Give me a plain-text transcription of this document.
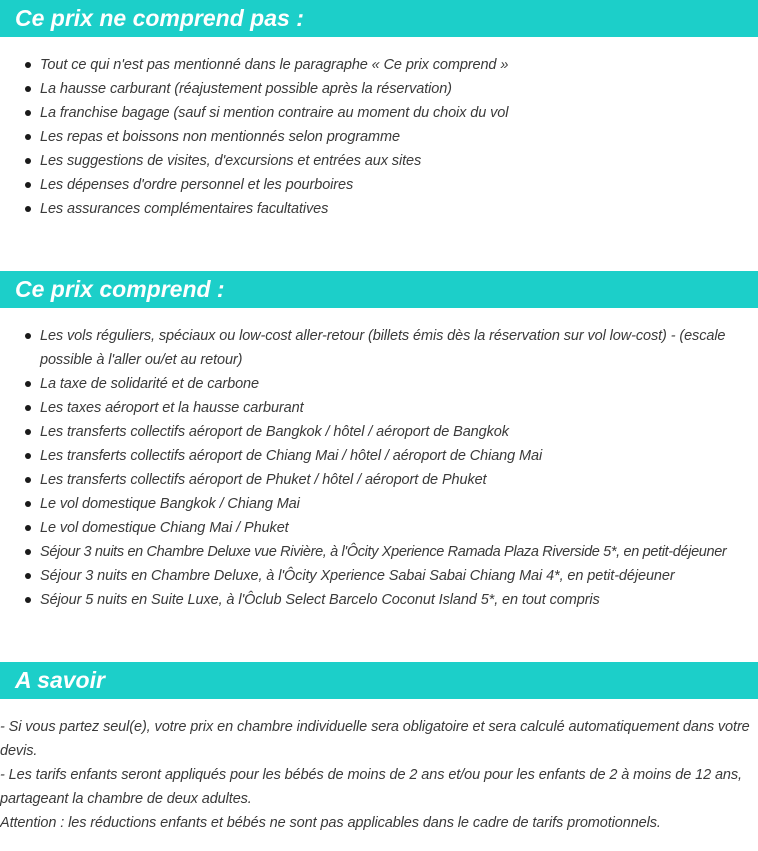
Ce prix ne comprend pas :
Tout ce qui n'est pas mentionné dans le paragraphe « Ce prix comprend »
La hausse carburant (réajustement possible après la réservation)
La franchise bagage (sauf si mention contraire au moment du choix du vol
Les repas et boissons non mentionnés selon programme
Les suggestions de visites, d'excursions et entrées aux sites
Les dépenses d'ordre personnel et les pourboires
Les assurances complémentaires facultatives
Ce prix comprend :
Les vols réguliers, spéciaux ou low-cost aller-retour (billets émis dès la réservation sur vol low-cost) - (escale possible à l'aller ou/et au retour)
La taxe de solidarité et de carbone
Les taxes aéroport et la hausse carburant
Les transferts collectifs aéroport de Bangkok / hôtel / aéroport de Bangkok
Les transferts collectifs aéroport de Chiang Mai / hôtel / aéroport de Chiang Mai
Les transferts collectifs aéroport de Phuket / hôtel / aéroport de Phuket
Le vol domestique Bangkok / Chiang Mai
Le vol domestique Chiang Mai / Phuket
Séjour 3 nuits en Chambre Deluxe vue Rivière, à l'Ôcity Xperience Ramada Plaza Riverside 5*, en petit-déjeuner
Séjour 3 nuits en Chambre Deluxe, à l'Ôcity Xperience Sabai Sabai Chiang Mai 4*, en petit-déjeuner
Séjour 5 nuits en Suite Luxe, à l'Ôclub Select Barcelo Coconut Island 5*, en tout compris
A savoir

- Si vous partez seul(e), votre prix en chambre individuelle sera obligatoire et sera calculé automatiquement dans votre devis.

- Les tarifs enfants seront appliqués pour les bébés de moins de 2 ans et/ou pour les enfants de 2 à moins de 12 ans, partageant la chambre de deux adultes.

Attention : les réductions enfants et bébés ne sont pas applicables dans le cadre de tarifs promotionnels.
